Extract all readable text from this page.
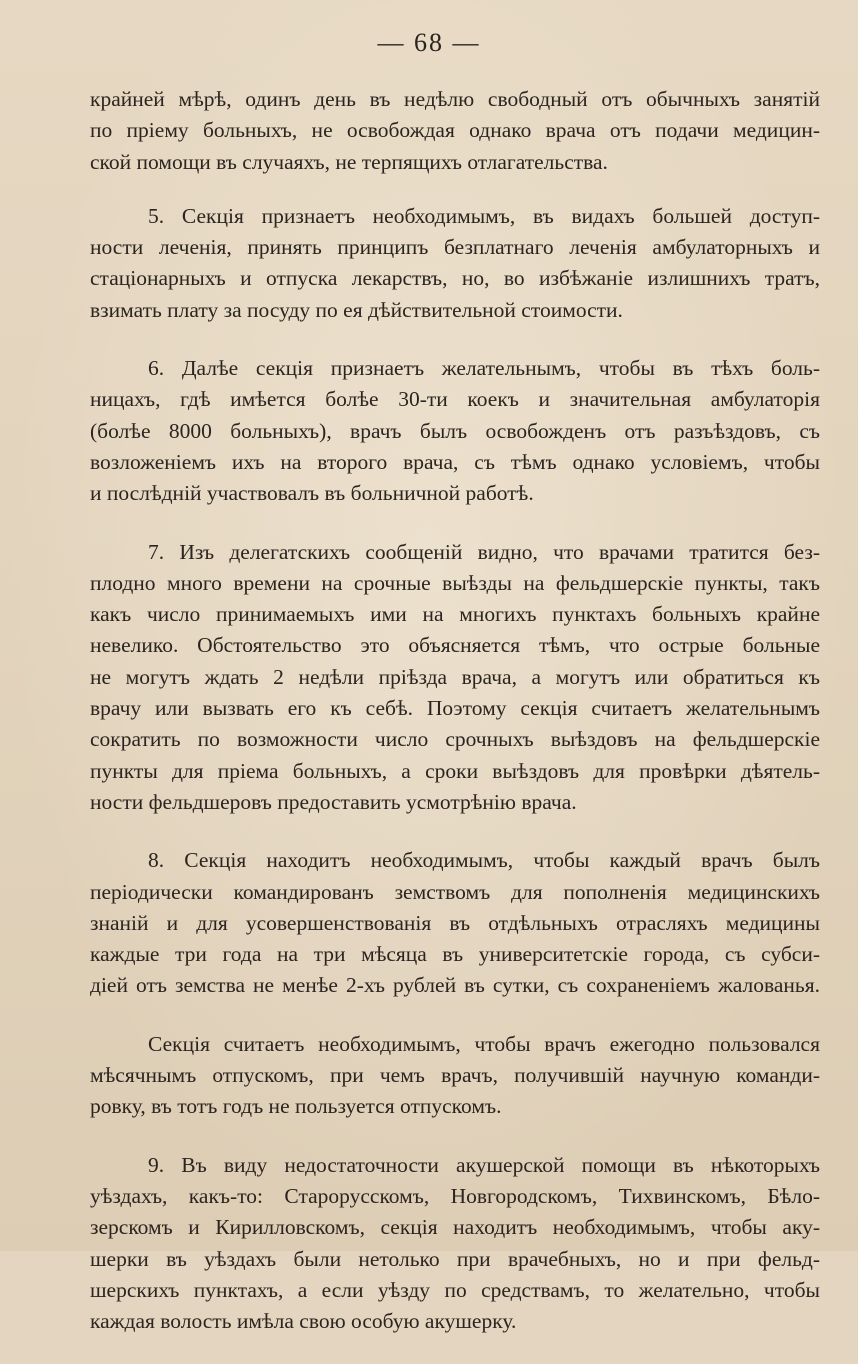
— 68 —
крайней мѣрѣ, одинъ день въ недѣлю свободный отъ обычныхъ занятій
по пріему больныхъ, не освобождая однако врача отъ подачи медицин-
ской помощи въ случаяхъ, не терпящихъ отлагательства.
5. Секція признаетъ необходимымъ, въ видахъ большей доступ-
ности леченія, принять принципъ безплатнаго леченія амбулаторныхъ и
стаціонарныхъ и отпуска лекарствъ, но, во избѣжаніе излишнихъ тратъ,
взимать плату за посуду по ея дѣйствительной стоимости.
6. Далѣе секція признаетъ желательнымъ, чтобы въ тѣхъ боль-
ницахъ, гдѣ имѣется болѣе 30-ти коекъ и значительная амбулаторія
(болѣе 8000 больныхъ), врачъ былъ освобожденъ отъ разъѣздовъ, съ
возложеніемъ ихъ на второго врача, съ тѣмъ однако условіемъ, чтобы
и послѣдній участвовалъ въ больничной работѣ.
7. Изъ делегатскихъ сообщеній видно, что врачами тратится без-
плодно много времени на срочные выѣзды на фельдшерскіе пункты, такъ
какъ число принимаемыхъ ими на многихъ пунктахъ больныхъ крайне
невелико. Обстоятельство это объясняется тѣмъ, что острые больные
не могутъ ждать 2 недѣли пріѣзда врача, а могутъ или обратиться къ
врачу или вызвать его къ себѣ. Поэтому секція считаетъ желательнымъ
сократить по возможности число срочныхъ выѣздовъ на фельдшерскіе
пункты для пріема больныхъ, а сроки выѣздовъ для провѣрки дѣятель-
ности фельдшеровъ предоставить усмотрѣнію врача.
8. Секція находитъ необходимымъ, чтобы каждый врачъ былъ
періодически командированъ земствомъ для пополненія медицинскихъ
знаній и для усовершенствованія въ отдѣльныхъ отрасляхъ медицины
каждые три года на три мѣсяца въ университетскіе города, съ субси-
діей отъ земства не менѣе 2-хъ рублей въ сутки, съ сохраненіемъ жалованья.
Секція считаетъ необходимымъ, чтобы врачъ ежегодно пользовался
мѣсячнымъ отпускомъ, при чемъ врачъ, получившій научную команди-
ровку, въ тотъ годъ не пользуется отпускомъ.
9. Въ виду недостаточности акушерской помощи въ нѣкоторыхъ
уѣздахъ, какъ-то: Старорусскомъ, Новгородскомъ, Тихвинскомъ, Бѣло-
зерскомъ и Кирилловскомъ, секція находитъ необходимымъ, чтобы аку-
шерки въ уѣздахъ были нетолько при врачебныхъ, но и при фельд-
шерскихъ пунктахъ, а если уѣзду по средствамъ, то желательно, чтобы
каждая волость имѣла свою особую акушерку.
